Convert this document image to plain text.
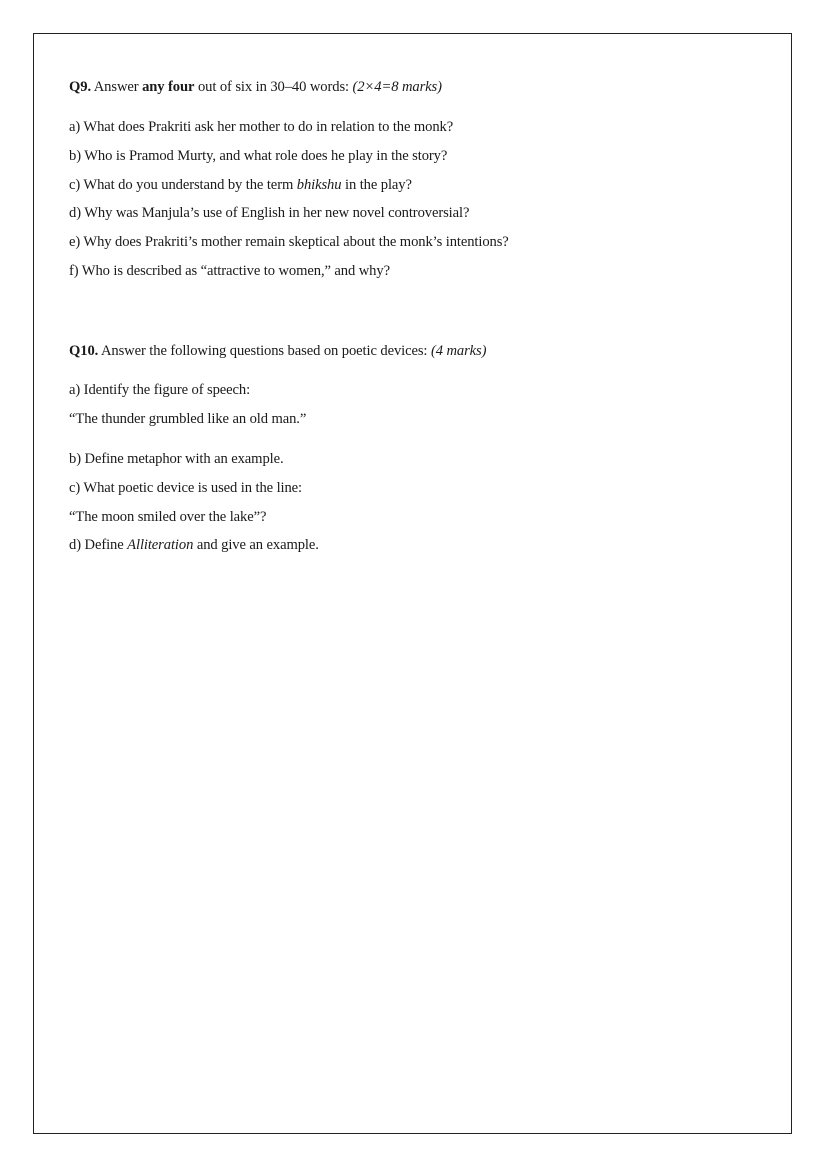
Q9. Answer any four out of six in 30–40 words: (2×4=8 marks)
a) What does Prakriti ask her mother to do in relation to the monk?
b) Who is Pramod Murty, and what role does he play in the story?
c) What do you understand by the term bhikshu in the play?
d) Why was Manjula’s use of English in her new novel controversial?
e) Why does Prakriti’s mother remain skeptical about the monk’s intentions?
f) Who is described as “attractive to women,” and why?
Q10. Answer the following questions based on poetic devices: (4 marks)
a) Identify the figure of speech:
“The thunder grumbled like an old man.”
b) Define metaphor with an example.
c) What poetic device is used in the line:
“The moon smiled over the lake”?
d) Define Alliteration and give an example.
